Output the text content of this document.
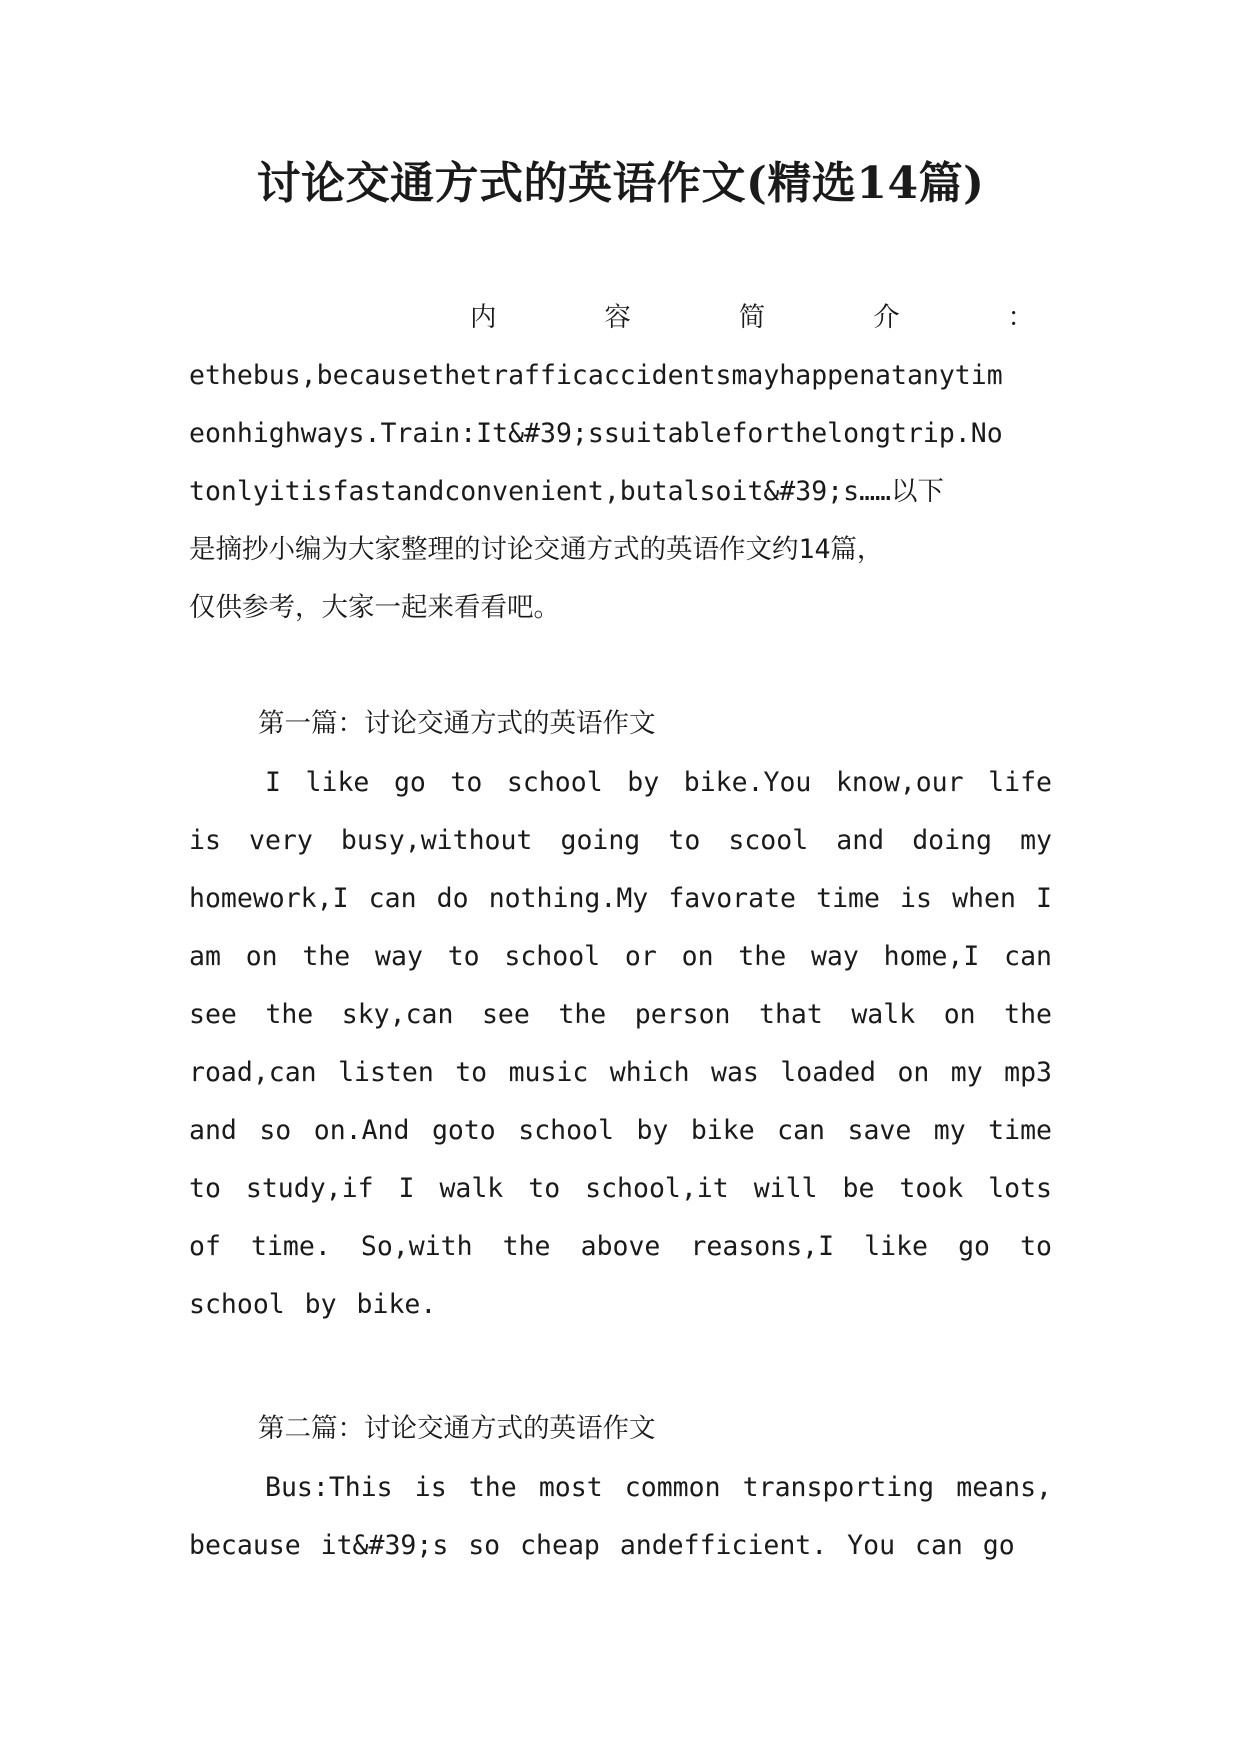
讨论交通方式的英语作文(精选14篇)
内	容	简	介	：
ethebus,becausethetrafficaccidentsmayhappenatanytim
eonhighways.Train:It&#39;ssuitableforthelongtrip.No
tonlyitisfastandconvenient,butalsoit&#39;s……以下
是摘抄小编为大家整理的讨论交通方式的英语作文约14篇，
仅供参考，大家一起来看看吧。

第一篇：讨论交通方式的英语作文

I like go to school by bike.You know,our life is very busy,without going to scool and doing my homework,I can do nothing.My favorate time is when I am on the way to school or on the way home,I can see the sky,can see the person that walk on the road,can listen to music which was loaded on my mp3 and so on.And goto school by bike can save my time to study,if I walk to school,it will be took lots of time. So,with the above reasons,I like go to school by bike.

第二篇：讨论交通方式的英语作文

Bus:This is the most common transporting means, because it&#39;s so cheap andefficient. You can go
